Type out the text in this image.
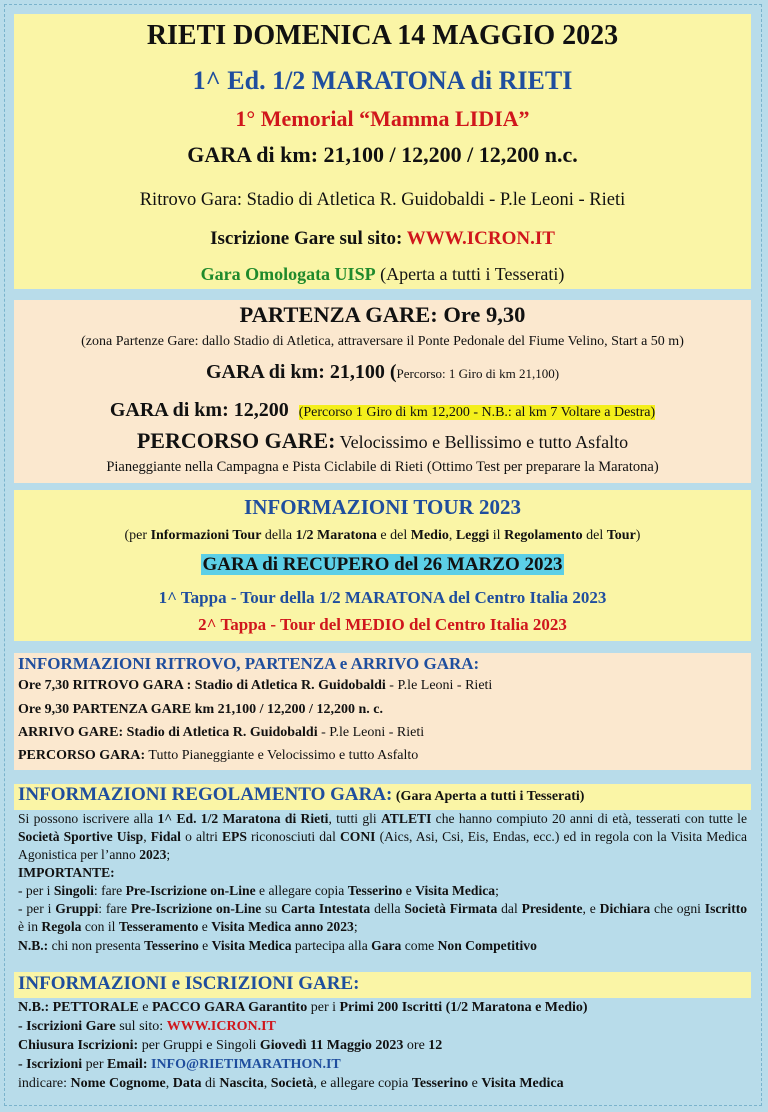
RIETI DOMENICA 14 MAGGIO 2023
1^ Ed. 1/2 MARATONA di RIETI
1° Memorial “Mamma LIDIA”
GARA di km: 21,100 / 12,200 / 12,200 n.c.
Ritrovo Gara: Stadio di Atletica R. Guidobaldi - P.le Leoni - Rieti
Iscrizione Gare sul sito: WWW.ICRON.IT
Gara Omologata UISP (Aperta a tutti i Tesserati)
PARTENZA GARE: Ore 9,30
(zona Partenze Gare: dallo Stadio di Atletica, attraversare il Ponte Pedonale del Fiume Velino, Start a 50 m)
GARA di km: 21,100 (Percorso: 1 Giro di km 21,100)
GARA di km: 12,200 (Percorso 1 Giro di km 12,200 - N.B.: al km 7 Voltare a Destra)
PERCORSO GARE: Velocissimo e Bellissimo e tutto Asfalto
Pianeggiante nella Campagna e Pista Ciclabile di Rieti (Ottimo Test per preparare la Maratona)
INFORMAZIONI TOUR 2023
(per Informazioni Tour della 1/2 Maratona e del Medio, Leggi il Regolamento del Tour)
GARA di RECUPERO del 26 MARZO 2023
1^ Tappa - Tour della 1/2 MARATONA del Centro Italia 2023
2^ Tappa - Tour del MEDIO del Centro Italia 2023

INFORMAZIONI RITROVO, PARTENZA e ARRIVO GARA:

Ore 7,30 RITROVO GARA : Stadio di Atletica R. Guidobaldi - P.le Leoni - Rieti

Ore 9,30 PARTENZA GARE km 21,100 / 12,200 / 12,200 n. c.

ARRIVO GARE: Stadio di Atletica R. Guidobaldi - P.le Leoni - Rieti

PERCORSO GARA: Tutto Pianeggiante e Velocissimo e tutto Asfalto

INFORMAZIONI REGOLAMENTO GARA: (Gara Aperta a tutti i Tesserati)

Si possono iscrivere alla 1^ Ed. 1/2 Maratona di Rieti, tutti gli ATLETI che hanno compiuto 20 anni di età, tesserati con tutte le Società Sportive Uisp, Fidal o altri EPS riconosciuti dal CONI (Aics, Asi, Csi, Eis, Endas, ecc.) ed in regola con la Visita Medica Agonistica per l’anno 2023;
IMPORTANTE:
- per i Singoli: fare Pre-Iscrizione on-Line e allegare copia Tesserino e Visita Medica;
- per i Gruppi: fare Pre-Iscrizione on-Line su Carta Intestata della Società Firmata dal Presidente, e Dichiara che ogni Iscritto è in Regola con il Tesseramento e Visita Medica anno 2023;
N.B.: chi non presenta Tesserino e Visita Medica partecipa alla Gara come Non Competitivo

INFORMAZIONI e ISCRIZIONI GARE:

N.B.: PETTORALE e PACCO GARA Garantito per i Primi 200 Iscritti (1/2 Maratona e Medio)
- Iscrizioni Gare sul sito: WWW.ICRON.IT
Chiusura Iscrizioni: per Gruppi e Singoli Giovedì 11 Maggio 2023 ore 12
- Iscrizioni per Email: INFO@RIETIMARATHON.IT
indicare: Nome Cognome, Data di Nascita, Società, e allegare copia Tesserino e Visita Medica
